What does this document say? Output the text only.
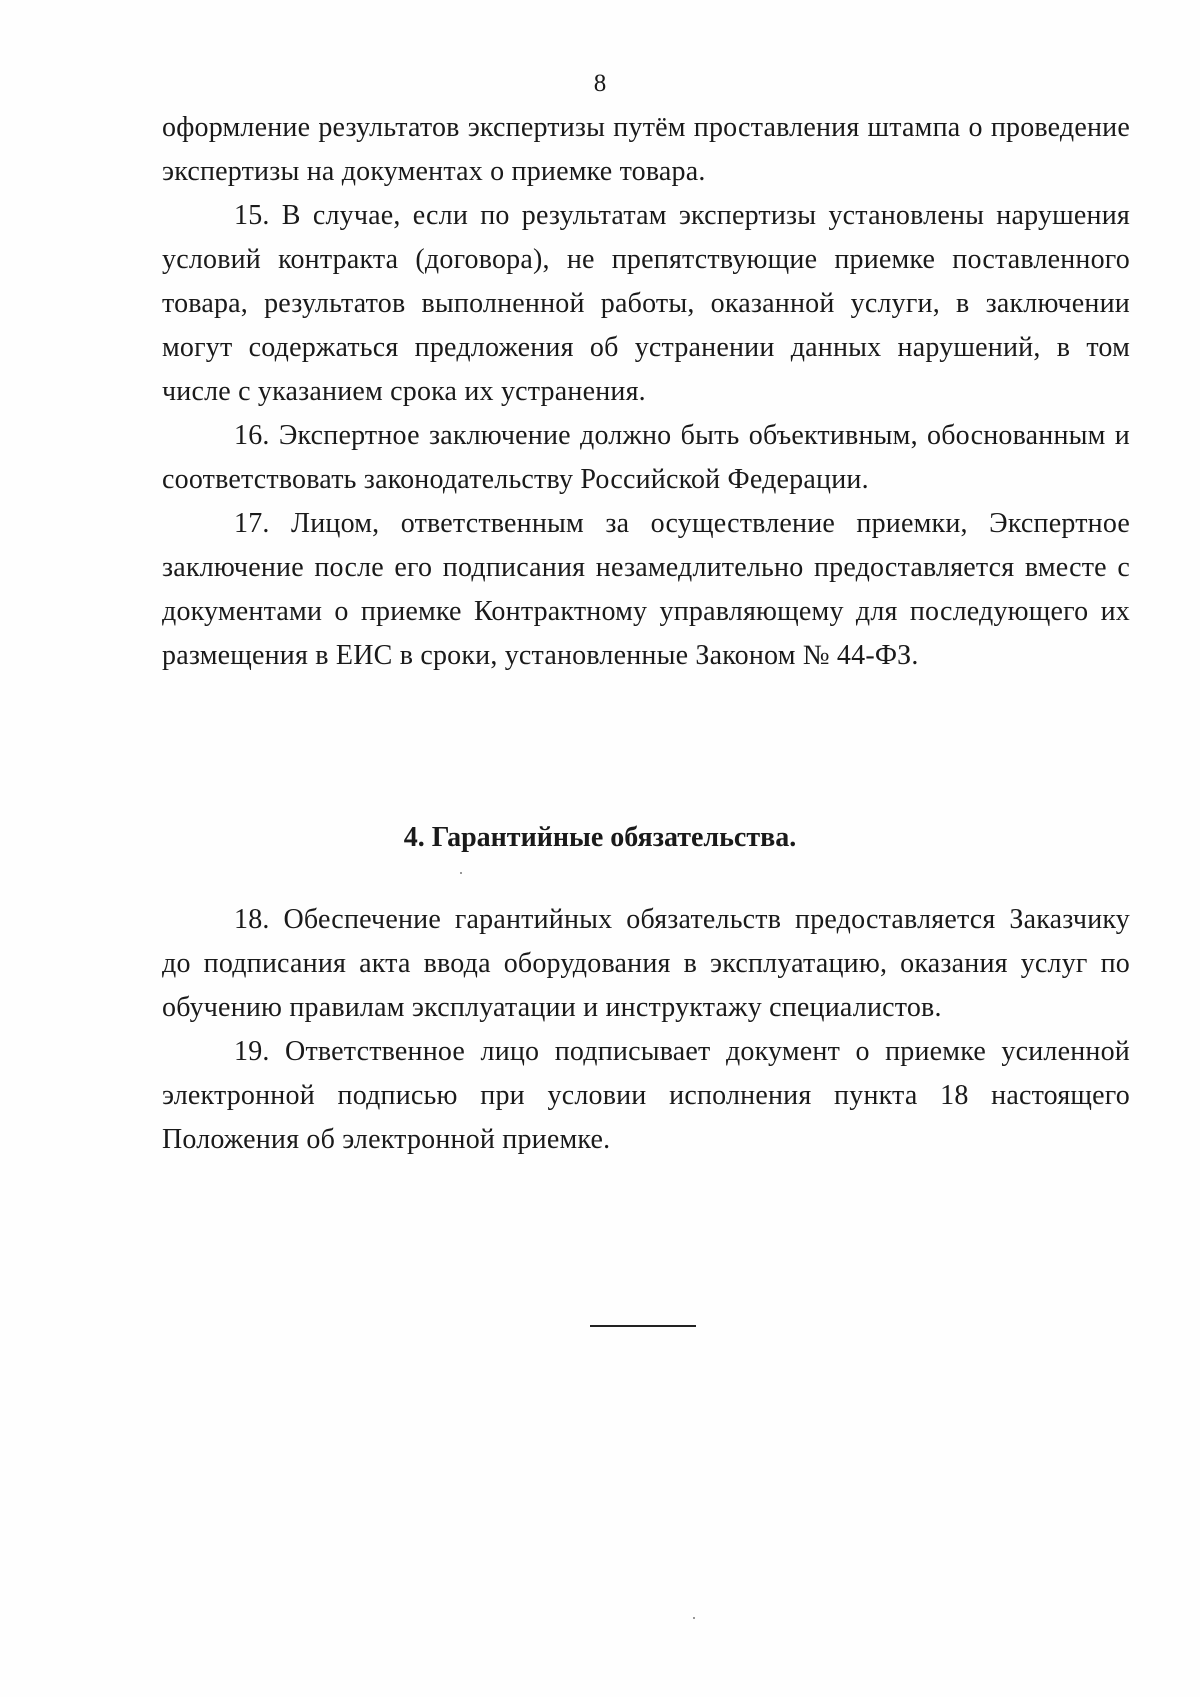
8

оформление результатов экспертизы путём проставления штампа о проведение экспертизы на документах о приемке товара.

15. В случае, если по результатам экспертизы установлены нарушения условий контракта (договора), не препятствующие приемке поставленного товара, результатов выполненной работы, оказанной услуги, в заключении могут содержаться предложения об устранении данных нарушений, в том числе с указанием срока их устранения.

16. Экспертное заключение должно быть объективным, обоснованным и соответствовать законодательству Российской Федерации.

17. Лицом, ответственным за осуществление приемки, Экспертное заключение после его подписания незамедлительно предоставляется вместе с документами о приемке Контрактному управляющему для последующего их размещения в ЕИС в сроки, установленные Законом № 44-ФЗ.

4. Гарантийные обязательства.

18. Обеспечение гарантийных обязательств предоставляется Заказчику до подписания акта ввода оборудования в эксплуатацию, оказания услуг по обучению правилам эксплуатации и инструктажу специалистов.

19. Ответственное лицо подписывает документ о приемке усиленной электронной подписью при условии исполнения пункта 18 настоящего Положения об электронной приемке.
